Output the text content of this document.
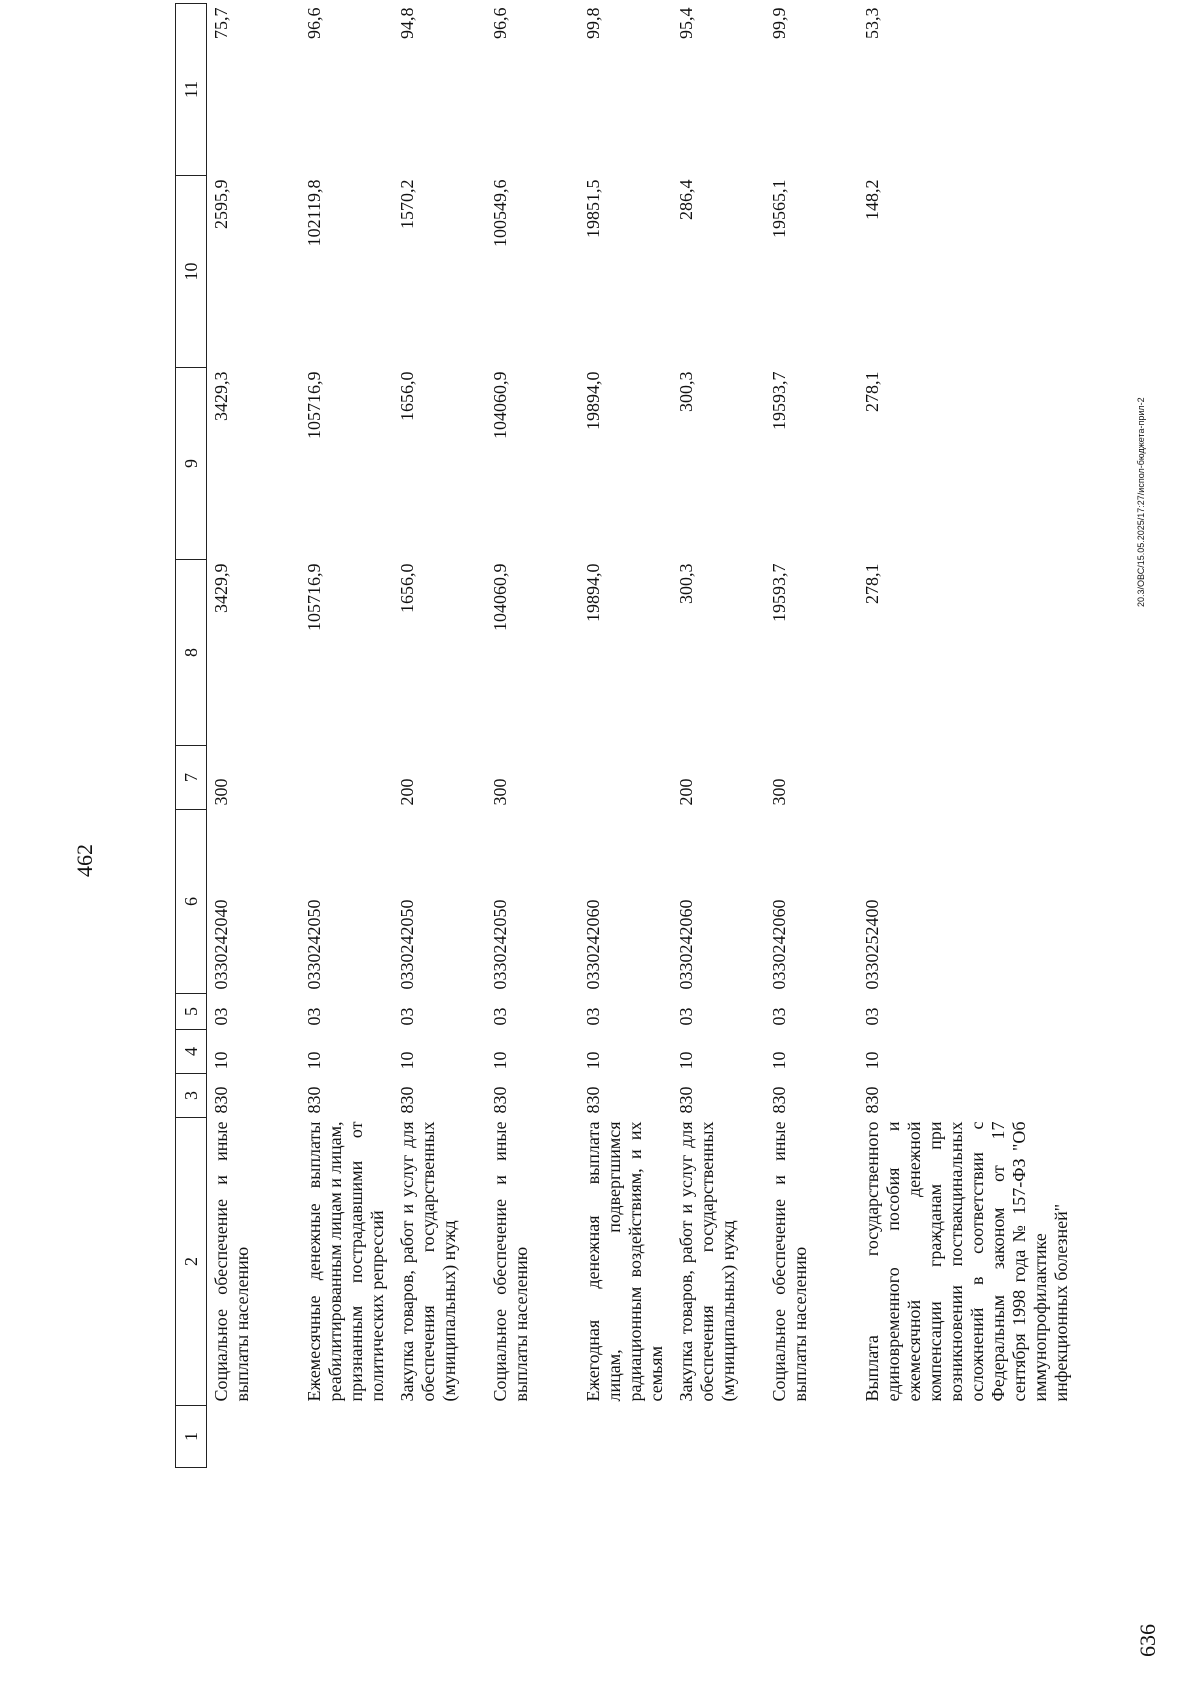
462
1	2	3	4	5	6	7	8	9	10	11
	Социальное обеспечение и иные выплаты населению	830	10	03	0330242040	300	3429,9	3429,3	2595,9	75,7
	Ежемесячные денежные выплаты реабилитированным лицам и лицам, признанным пострадавшими от политических репрессий	830	10	03	0330242050		105716,9	105716,9	102119,8	96,6
	Закупка товаров, работ и услуг для обеспечения государственных (муниципальных) нужд	830	10	03	0330242050	200	1656,0	1656,0	1570,2	94,8
	Социальное обеспечение и иные выплаты населению	830	10	03	0330242050	300	104060,9	104060,9	100549,6	96,6
	Ежегодная денежная выплата лицам, подвергшимся радиационным воздействиям, и их семьям	830	10	03	0330242060		19894,0	19894,0	19851,5	99,8
	Закупка товаров, работ и услуг для обеспечения государственных (муниципальных) нужд	830	10	03	0330242060	200	300,3	300,3	286,4	95,4
	Социальное обеспечение и иные выплаты населению	830	10	03	0330242060	300	19593,7	19593,7	19565,1	99,9
	Выплата государственного единовременного пособия и ежемесячной денежной компенсации гражданам при возникновении поствакцинальных осложнений в соответствии с Федеральным законом от 17 сентября 1998 года № 157-ФЗ "Об иммунопрофилактике инфекционных болезней"	830	10	03	0330252400		278,1	278,1	148,2	53,3
20.3/ОВС/15.05.2025/17:27/испол-бюджета-прил-2
636
